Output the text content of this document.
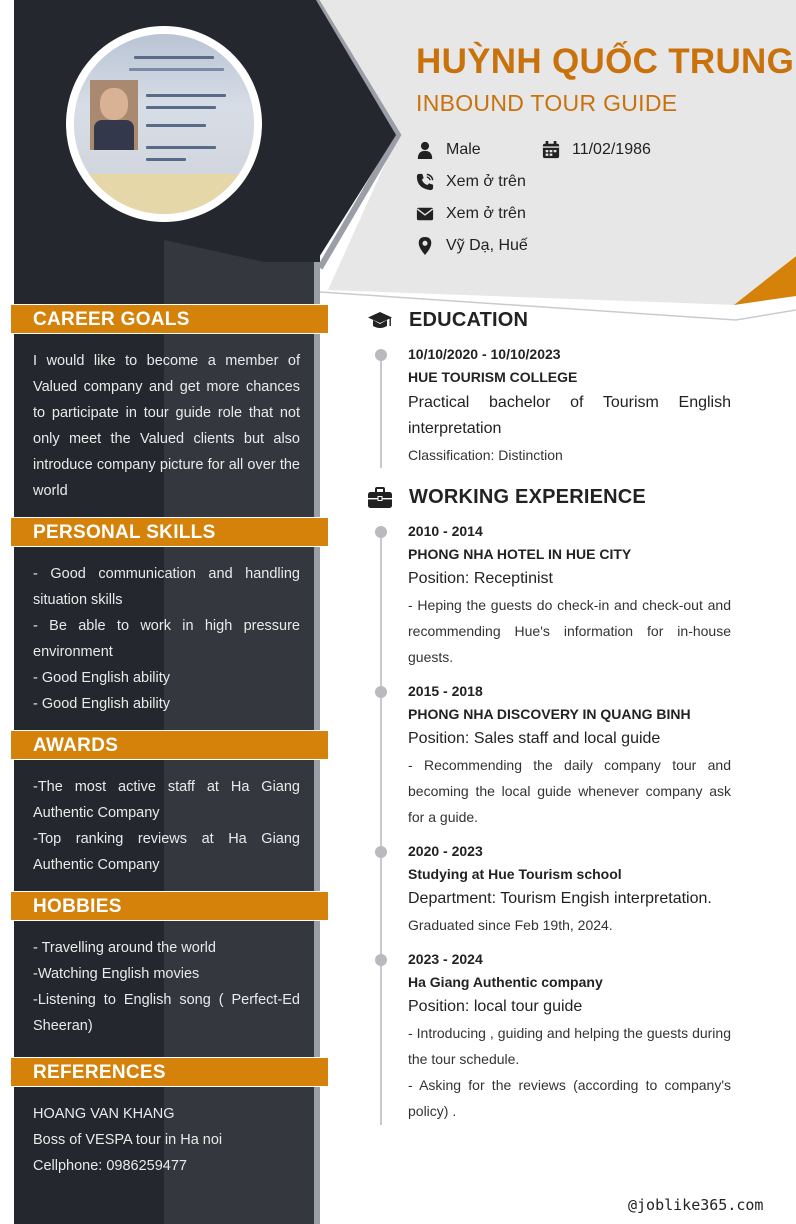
HUỲNH QUỐC TRUNG
INBOUND TOUR GUIDE
Male	11/02/1986
Xem ở trên
Xem ở trên
Vỹ Dạ, Huế
CAREER GOALS

I would like to become a member of Valued company and get more chances to participate in tour guide role that not only meet the Valued clients but also introduce company picture for all over the world

PERSONAL SKILLS

- Good communication and handling situation skills

- Be able to work in high pressure environment

- Good English ability

- Good English ability

AWARDS

-The most active staff at Ha Giang Authentic Company

-Top ranking reviews at Ha Giang Authentic Company

HOBBIES

- Travelling around the world

-Watching English movies

-Listening to English song ( Perfect-Ed Sheeran)

REFERENCES

HOANG VAN KHANG

Boss of VESPA tour in Ha noi

Cellphone: 0986259477

EDUCATION
10/10/2020 - 10/10/2023
HUE TOURISM COLLEGE
Practical bachelor of Tourism English interpretation
Classification: Distinction
WORKING EXPERIENCE
2010 - 2014
PHONG NHA HOTEL IN HUE CITY
Position: Receptinist
- Heping the guests do check-in and check-out and recommending Hue's information for in-house guests.
2015 - 2018
PHONG NHA DISCOVERY IN QUANG BINH
Position: Sales staff and local guide
- Recommending the daily company tour and becoming the local guide whenever company ask for a guide.
2020 - 2023
Studying at Hue Tourism school
Department: Tourism Engish interpretation.
Graduated since Feb 19th, 2024.
2023 - 2024
Ha Giang Authentic company
Position: local tour guide
- Introducing , guiding and helping the guests during the tour schedule.
- Asking for the reviews (according to company's policy) .
@joblike365.com
